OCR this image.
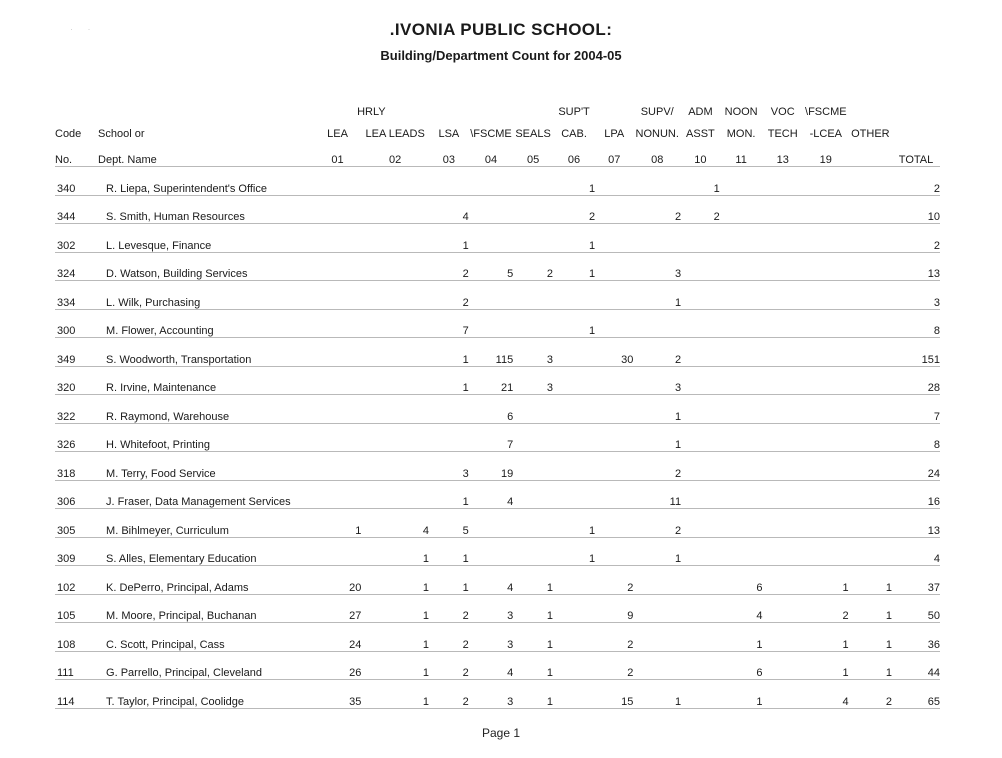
· ·	.IVONIA PUBLIC SCHOOL:
Building/Department Count for 2004-05
		HRLY					SUP'T		SUPV/	ADM	NOON	VOC	\FSCME		
Code	School or	LEA	LEA LEADS	LSA	\FSCME	SEALS	CAB.	LPA	NONUN.	ASST	MON.	TECH	-LCEA	OTHER	
No.	Dept. Name	01	02	03	04	05	06	07	08	10	11	13	19		TOTAL
340	R. Liepa, Superintendent's Office						1			1					2
344	S. Smith, Human Resources			4			2		2	2					10
302	L. Levesque, Finance			1			1								2
324	D. Watson, Building Services			2	5	2	1		3						13
334	L. Wilk, Purchasing			2					1						3
300	M. Flower, Accounting			7			1								8
349	S. Woodworth, Transportation			1	115	3		30	2						151
320	R. Irvine, Maintenance			1	21	3			3						28
322	R. Raymond, Warehouse				6				1						7
326	H. Whitefoot, Printing				7				1						8
318	M. Terry, Food Service			3	19				2						24
306	J. Fraser, Data Management Services			1	4				11						16
305	M. Bihlmeyer, Curriculum	1	4	5			1		2						13
309	S. Alles, Elementary Education		1	1			1		1						4
102	K. DePerro, Principal, Adams	20	1	1	4	1		2			6		1	1	37
105	M. Moore, Principal, Buchanan	27	1	2	3	1		9			4		2	1	50
108	C. Scott, Principal, Cass	24	1	2	3	1		2			1		1	1	36
111	G. Parrello, Principal, Cleveland	26	1	2	4	1		2			6		1	1	44
114	T. Taylor, Principal, Coolidge	35	1	2	3	1		15	1		1		4	2	65
Page 1
